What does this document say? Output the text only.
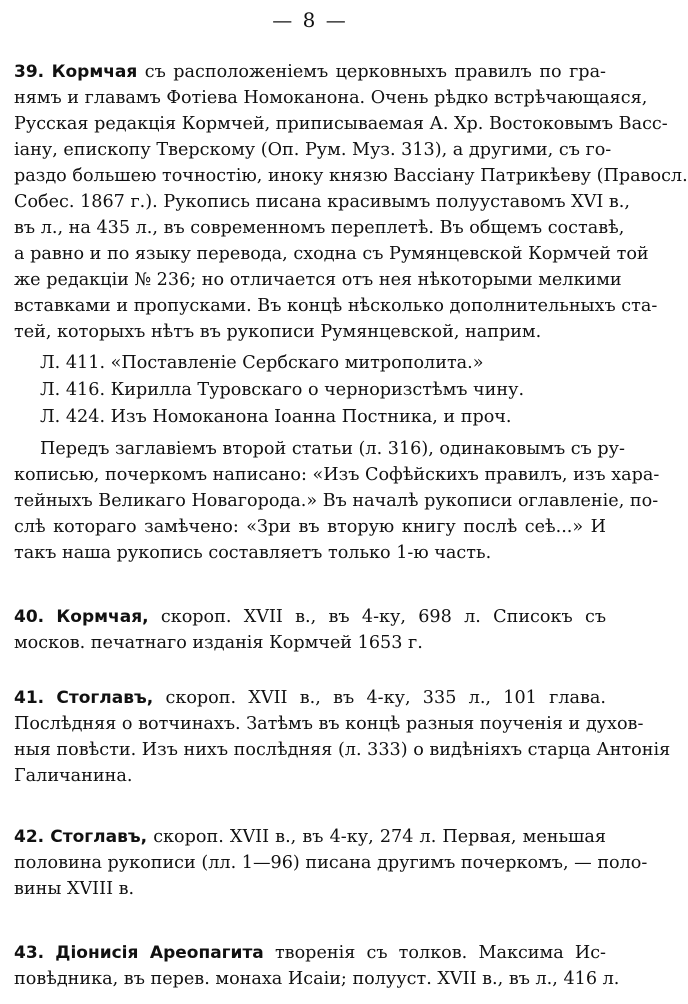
— 8 —
39. Кормчая съ расположеніемъ церковныхъ правилъ по гра-
нямъ и главамъ Фотіева Номоканона. Очень рѣдко встрѣчающаяся,
Русская редакція Кормчей, приписываемая А. Хр. Востоковымъ Васс-
іану, епископу Тверскому (Оп. Рум. Муз. 313), а другими, съ го-
раздо большею точностію, иноку князю Вассіану Патрикѣеву (Правосл.
Собес. 1867 г.). Рукопись писана красивымъ полууставомъ XVI в.,
въ л., на 435 л., въ современномъ переплетѣ. Въ общемъ составѣ,
а равно и по языку перевода, сходна съ Румянцевской Кормчей той
же редакціи № 236; но отличается отъ нея нѣкоторыми мелкими
вставками и пропусками. Въ концѣ нѣсколько дополнительныхъ ста-
тей, которыхъ нѣтъ въ рукописи Румянцевской, наприм.
Л. 411. «Поставленіе Сербскаго митрополита.»
Л. 416. Кирилла Туровскаго о черноризстѣмъ чину.
Л. 424. Изъ Номоканона Іоанна Постника, и проч.
Передъ заглавіемъ второй статьи (л. 316), одинаковымъ съ ру-
кописью, почеркомъ написано: «Изъ Софѣйскихъ правилъ, изъ харa-
тейныхъ Великаго Новагорода.» Въ началѣ рукописи оглавленіе, по-
слѣ котораго замѣчено: «Зри въ вторую книгу послѣ сеѣ...» И
такъ наша рукопись составляетъ только 1-ю часть.
40. Кормчая, скороп. XVII в., въ 4-ку, 698 л. Списокъ съ
москов. печатнаго изданія Кормчей 1653 г.
41. Стоглавъ, скороп. XVII в., въ 4-ку, 335 л., 101 глава.
Послѣдняя о вотчинахъ. Затѣмъ въ концѣ разныя поученія и духов-
ныя повѣсти. Изъ нихъ послѣдняя (л. 333) о видѣніяхъ старца Антонія
Галичанина.
42. Стоглавъ, скороп. XVII в., въ 4-ку, 274 л. Первая, меньшая
половина рукописи (лл. 1—96) писана другимъ почеркомъ, — поло-
вины XVIII в.
43. Діонисія Ареопагита творенія съ толков. Максима Ис-
повѣдника, въ перев. монаха Исаіи; полууст. XVII в., въ л., 416 л.
